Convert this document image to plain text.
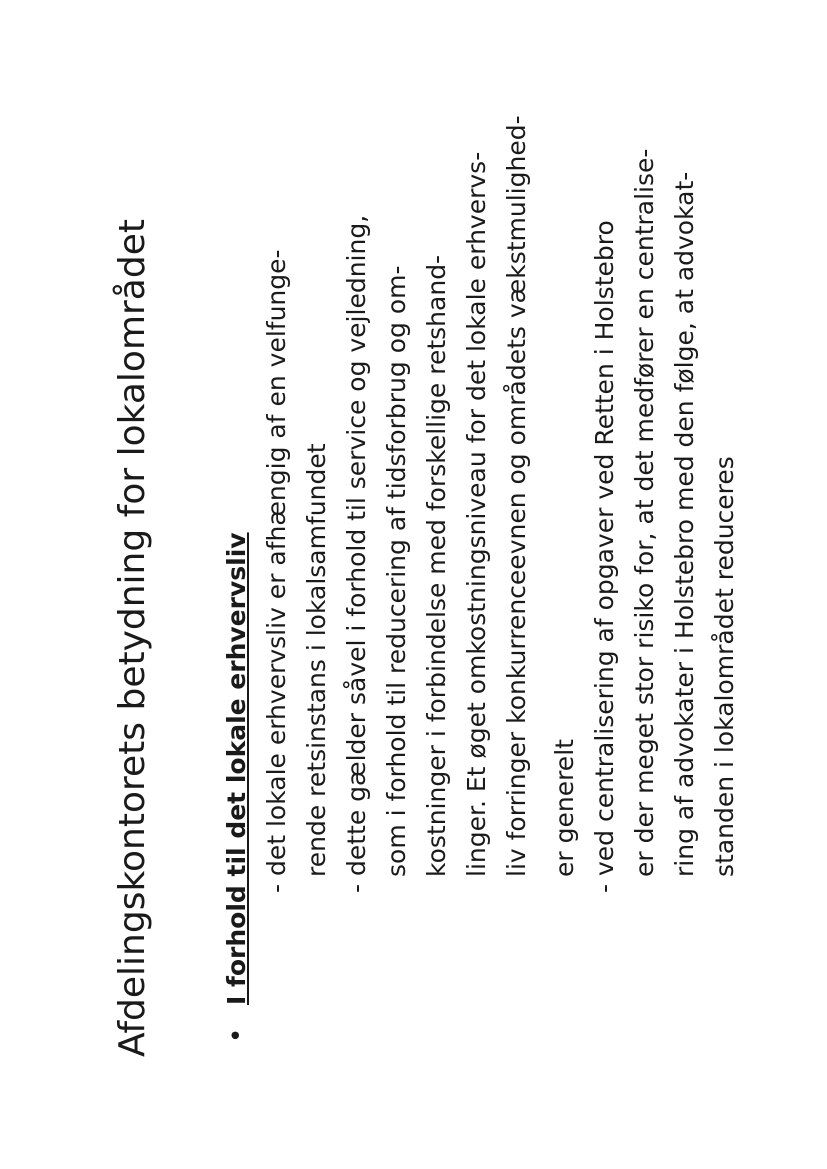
Afdelingskontorets betydning for lokalområdet	•
I forhold til det lokale erhvervsliv - det lokale erhvervsliv er afhængig af en velfunge- rende retsinstans i lokalsamfundet - dette gælder såvel i forhold til service og vejledning, som i forhold til reducering af tidsforbrug og om- kostninger i forbindelse med forskellige retshand- linger. Et øget omkostningsniveau for det lokale erhvervs- liv forringer konkurrenceevnen og områdets vækstmulighed- er generelt - ved centralisering af opgaver ved Retten i Holstebro er der meget stor risiko for, at det medfører en centralise- ring af advokater i Holstebro med den følge, at advokat- standen i lokalområdet reduceres
